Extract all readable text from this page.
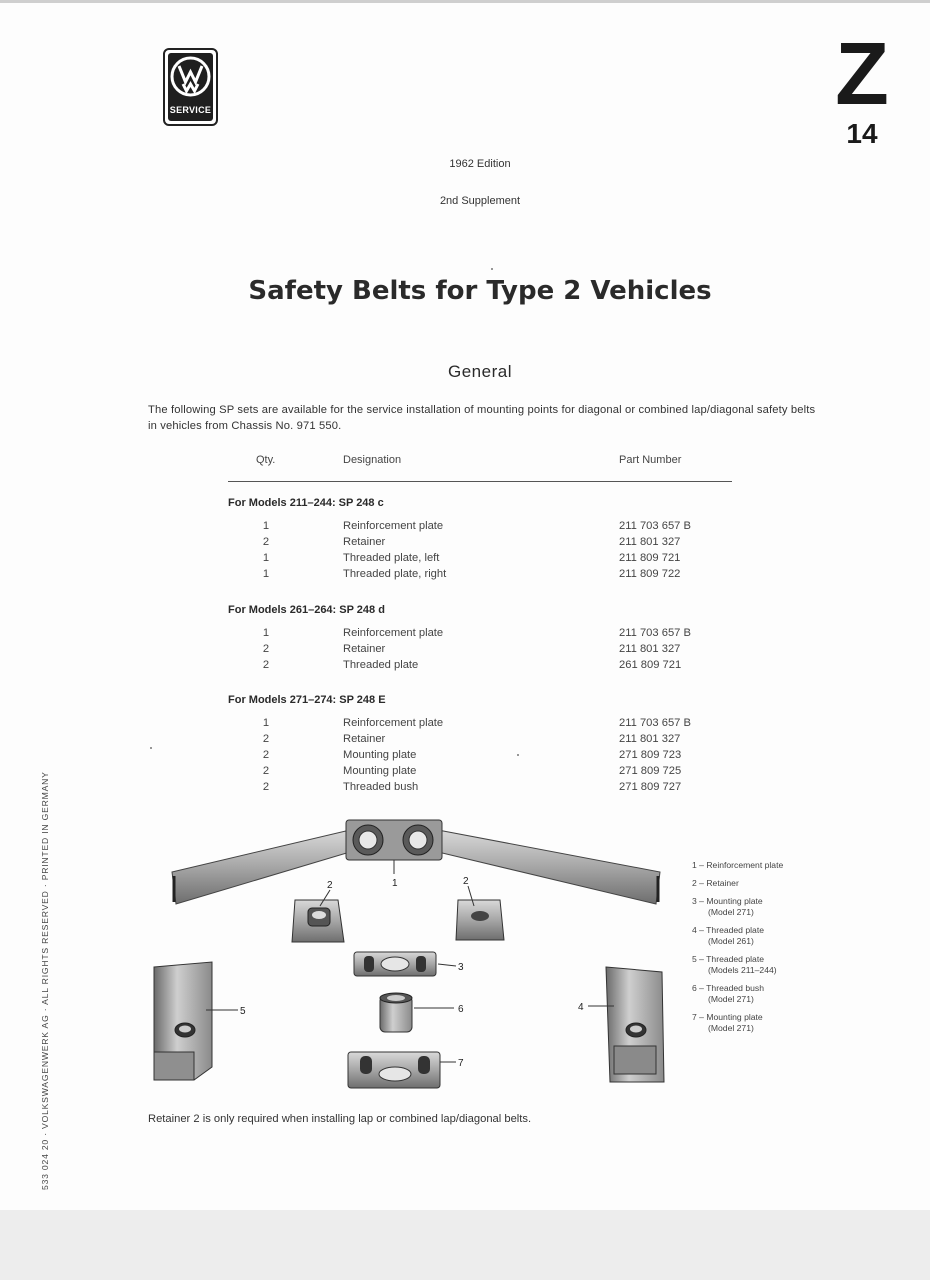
SERVICE	Z
14
1962 Edition
2nd Supplement
Safety Belts for Type 2 Vehicles
General
The following SP sets are available for the service installation of mounting points for diagonal or combined lap/diagonal safety belts in vehicles from Chassis No. 971 550.
Qty.	Designation	Part Number
For Models 211–244: SP 248 c
1	Reinforcement plate	211 703 657 B
2	Retainer	211 801 327
1	Threaded plate, left	211 809 721
1	Threaded plate, right	211 809 722
For Models 261–264: SP 248 d
1	Reinforcement plate	211 703 657 B
2	Retainer	211 801 327
2	Threaded plate	261 809 721
For Models 271–274: SP 248 E
1	Reinforcement plate	211 703 657 B
2	Retainer	211 801 327
2	Mounting plate	271 809 723
2	Mounting plate	271 809 725
2	Threaded bush	271 809 727
1
2	2
3
4
5	6
7
1 – Reinforcement plate
2 – Retainer
3 – Mounting plate
(Model 271)
4 – Threaded plate
(Model 261)
5 – Threaded plate
(Models 211–244)
6 – Threaded bush
(Model 271)
7 – Mounting plate
(Model 271)
Retainer 2 is only required when installing lap or combined lap/diagonal belts.
533 024 20 · VOLKSWAGENWERK AG · ALL RIGHTS RESERVED · PRINTED IN GERMANY
